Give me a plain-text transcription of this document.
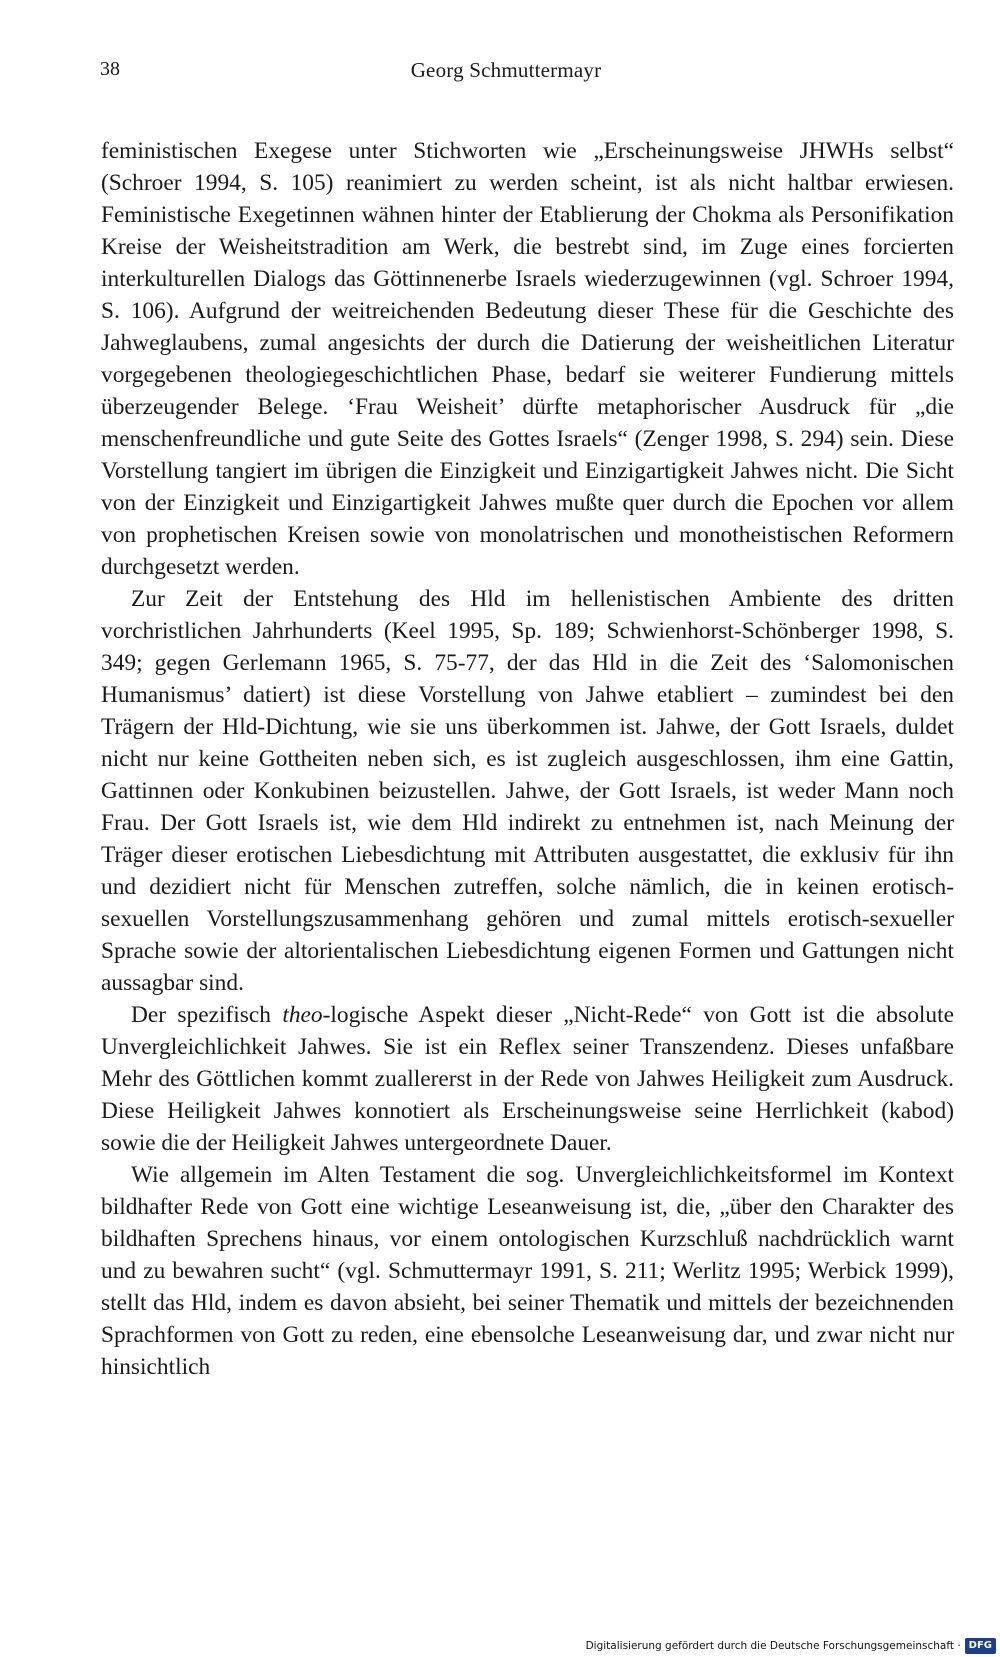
38	Georg Schmuttermayr

feministischen Exegese unter Stichworten wie „Erscheinungsweise JHWHs selbst“ (Schroer 1994, S. 105) reanimiert zu werden scheint, ist als nicht haltbar erwiesen. Feministische Exegetinnen wähnen hinter der Etablierung der Chokma als Personifikation Kreise der Weisheitstradition am Werk, die bestrebt sind, im Zuge eines forcierten interkulturellen Dialogs das Göttinnenerbe Israels wiederzugewinnen (vgl. Schroer 1994, S. 106). Aufgrund der weitreichenden Bedeutung dieser These für die Geschichte des Jahweglaubens, zumal angesichts der durch die Datierung der weisheitlichen Literatur vorgegebenen theologiegeschichtlichen Phase, bedarf sie weiterer Fundierung mittels überzeugender Belege. ‘Frau Weisheit’ dürfte metaphorischer Ausdruck für „die menschenfreundliche und gute Seite des Gottes Israels“ (Zenger 1998, S. 294) sein. Diese Vorstellung tangiert im übrigen die Einzigkeit und Einzigartigkeit Jahwes nicht. Die Sicht von der Einzigkeit und Einzigartigkeit Jahwes mußte quer durch die Epochen vor allem von prophetischen Kreisen sowie von monolatrischen und monotheistischen Reformern durchgesetzt werden.

Zur Zeit der Entstehung des Hld im hellenistischen Ambiente des dritten vorchristlichen Jahrhunderts (Keel 1995, Sp. 189; Schwienhorst-Schönberger 1998, S. 349; gegen Gerlemann 1965, S. 75-77, der das Hld in die Zeit des ‘Salomonischen Humanismus’ datiert) ist diese Vorstellung von Jahwe etabliert – zumindest bei den Trägern der Hld-Dichtung, wie sie uns überkommen ist. Jahwe, der Gott Israels, duldet nicht nur keine Gottheiten neben sich, es ist zugleich ausgeschlossen, ihm eine Gattin, Gattinnen oder Konkubinen beizustellen. Jahwe, der Gott Israels, ist weder Mann noch Frau. Der Gott Israels ist, wie dem Hld indirekt zu entnehmen ist, nach Meinung der Träger dieser erotischen Liebesdichtung mit Attributen ausgestattet, die exklusiv für ihn und dezidiert nicht für Menschen zutreffen, solche nämlich, die in keinen erotisch-sexuellen Vorstellungszusammenhang gehören und zumal mittels erotisch-sexueller Sprache sowie der altorientalischen Liebesdichtung eigenen Formen und Gattungen nicht aussagbar sind.

Der spezifisch theo-logische Aspekt dieser „Nicht-Rede“ von Gott ist die absolute Unvergleichlichkeit Jahwes. Sie ist ein Reflex seiner Transzendenz. Dieses unfaßbare Mehr des Göttlichen kommt zuallererst in der Rede von Jahwes Heiligkeit zum Ausdruck. Diese Heiligkeit Jahwes konnotiert als Erscheinungsweise seine Herrlichkeit (kabod) sowie die der Heiligkeit Jahwes untergeordnete Dauer.

Wie allgemein im Alten Testament die sog. Unvergleichlichkeitsformel im Kontext bildhafter Rede von Gott eine wichtige Leseanweisung ist, die, „über den Charakter des bildhaften Sprechens hinaus, vor einem ontologischen Kurzschluß nachdrücklich warnt und zu bewahren sucht“ (vgl. Schmuttermayr 1991, S. 211; Werlitz 1995; Werbick 1999), stellt das Hld, indem es davon absieht, bei seiner Thematik und mittels der bezeichnenden Sprachformen von Gott zu reden, eine ebensolche Leseanweisung dar, und zwar nicht nur hinsichtlich

Digitalisierung gefördert durch die Deutsche Forschungsgemeinschaft · DFG
